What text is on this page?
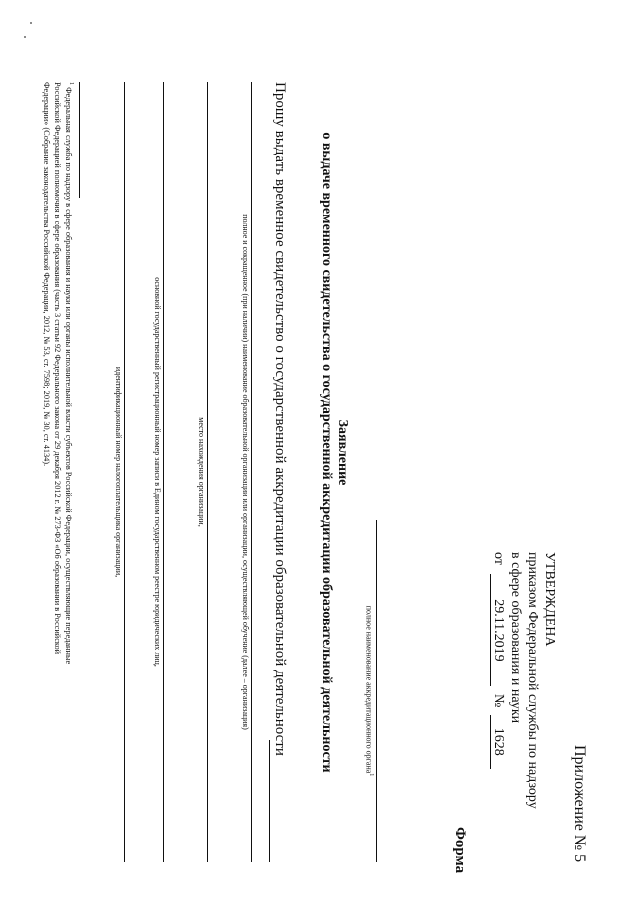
Приложение № 5
УТВЕРЖДЕНА
приказом Федеральной службы по надзору
в сфере образования и науки
от 29.11.2019 № 1628
Форма
полное наименование аккредитационного органа$^1$
Заявление
о выдаче временного свидетельства о государственной аккредитации образовательной деятельности
Прошу выдать временное свидетельство о государственной аккредитации образовательной деятельности
полное и сокращенное (при наличии) наименование образовательной организации или организации, осуществляющей обучение (далее – организация)
место нахождения организации,
основной государственный регистрационный номер записи в Едином государственном реестре юридических лиц,
идентификационный номер налогоплательщика организации,
$^1$ Федеральная служба по надзору в сфере образования и науки или органы исполнительной власти субъектов Российской Федерации, осуществляющие переданные
Российской Федерацией полномочия в сфере образования (часть 3 статьи 92 Федерального закона от 29 декабря 2012 г. № 273-ФЗ «Об образовании в Российской
Федерации» (Собрание законодательства Российской Федерации, 2012, № 53, ст. 7598; 2019, № 30, ст. 4134).
